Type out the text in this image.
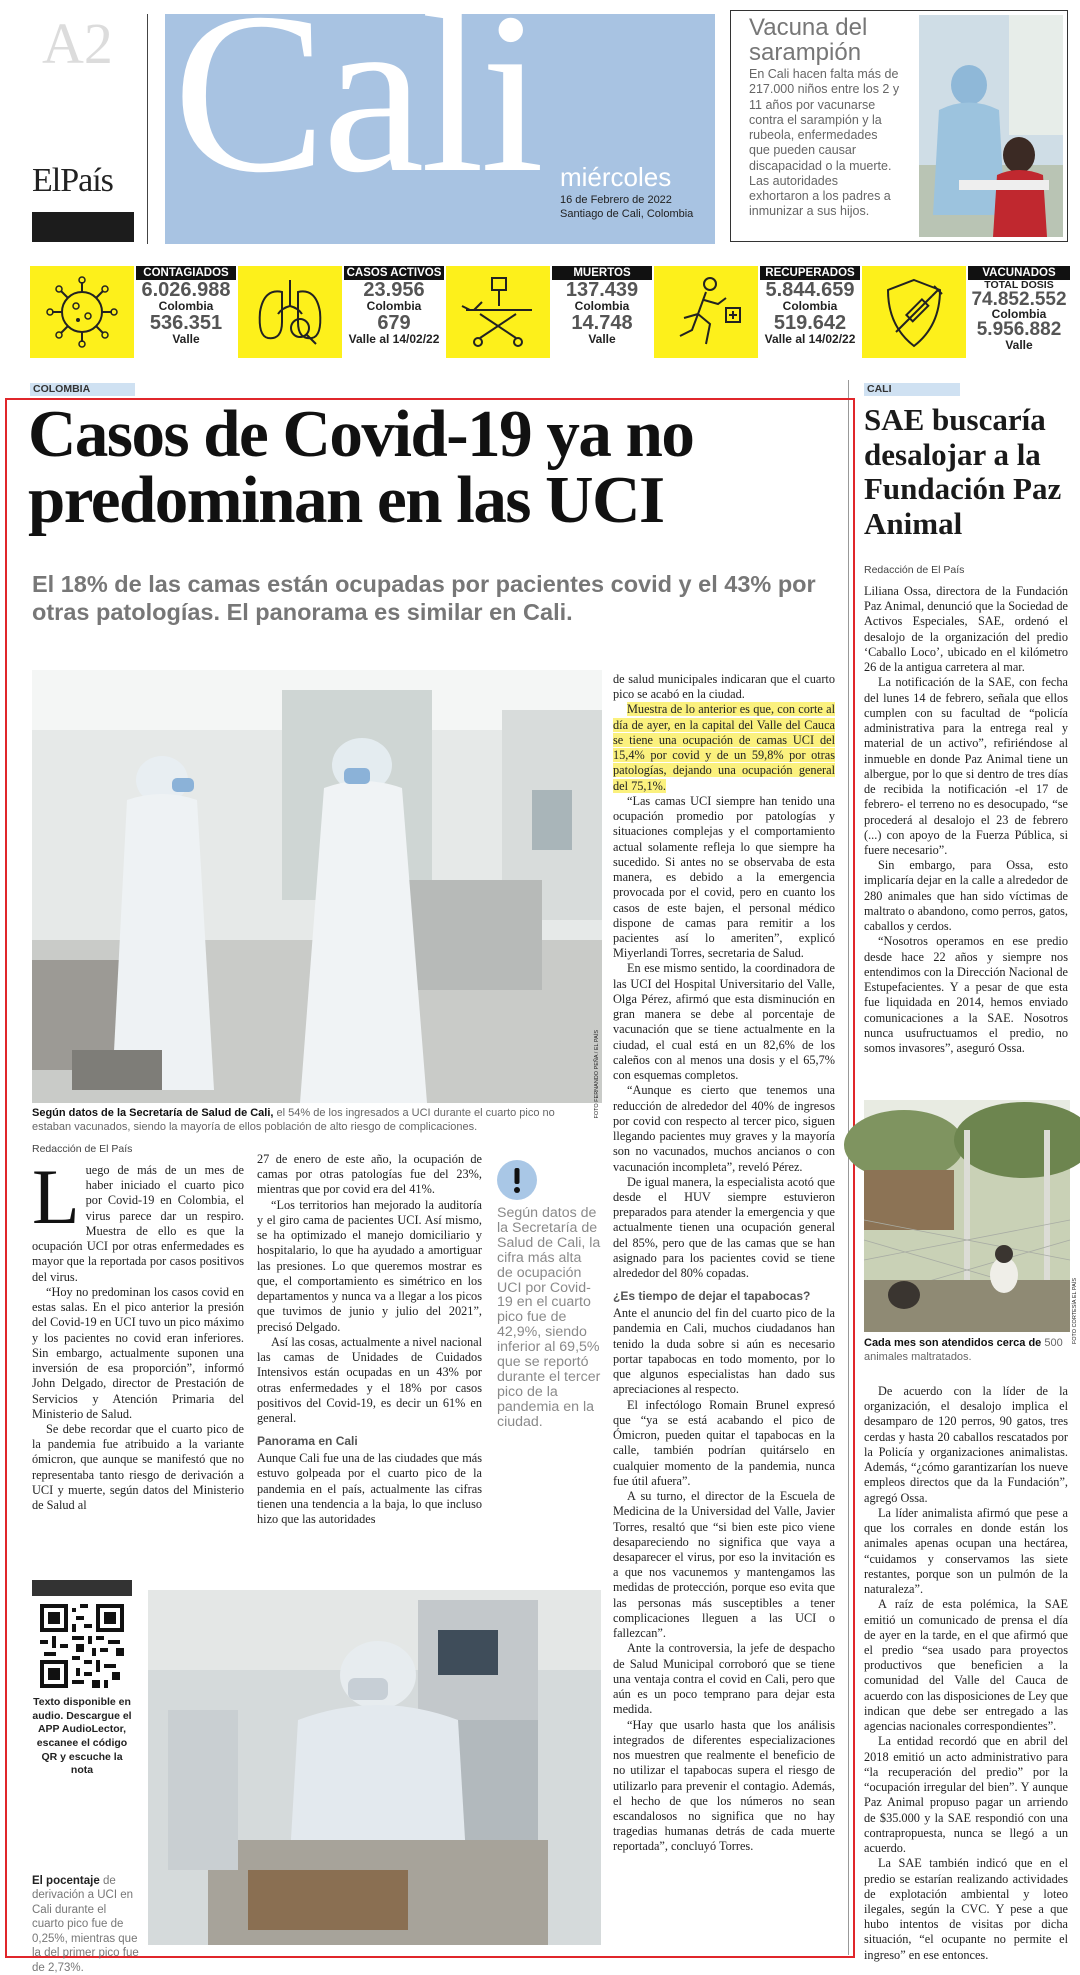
A2
ElPaís Cali miércoles
16 de Febrero de 2022
Santiago de Cali, Colombia
Vacuna del sarampión
En Cali hacen falta más de 217.000 niños entre los 2 y 11 años por vacunarse contra el sarampión y la rubeola, enfermedades que pueden causar discapacidad o la muerte. Las autoridades exhortaron a los padres a inmunizar a sus hijos.
CONTAGIADOS
6.026.988
Colombia
536.351
Valle
CASOS ACTIVOS
23.956
Colombia
679
Valle al 14/02/22
MUERTOS
137.439
Colombia
14.748
Valle
RECUPERADOS
5.844.659
Colombia
519.642
Valle al 14/02/22
VACUNADOS
TOTAL DOSIS
74.852.552
Colombia
5.956.882
Valle
COLOMBIA	CALI
Casos de Covid-19 ya no predominan en las UCI
El 18% de las camas están ocupadas por pacientes covid y el 43% por otras patologías. El panorama es similar en Cali.
FOTO FERNANDO PEÑA / EL PAÍS
Según datos de la Secretaría de Salud de Cali, el 54% de los ingresados a UCI durante el cuarto pico no estaban vacunados, siendo la mayoría de ellos población de alto riesgo de complicaciones.
Redacción de El País

Luego de más de un mes de haber iniciado el cuarto pico por Covid-19 en Colombia, el virus parece dar un respiro. Muestra de ello es que la ocupación UCI por otras enfermedades es mayor que la reportada por casos positivos del virus.

“Hoy no predominan los casos covid en estas salas. En el pico anterior la presión del Covid-19 en UCI tuvo un pico máximo y los pacientes no covid eran inferiores. Sin embargo, actualmente suponen una inversión de esa proporción”, informó John Delgado, director de Prestación de Servicios y Atención Primaria del Ministerio de Salud.

Se debe recordar que el cuarto pico de la pandemia fue atribuido a la variante ómicron, que aunque se manifestó que no representaba tanto riesgo de derivación a UCI y muerte, según datos del Ministerio de Salud al

27 de enero de este año, la ocupación de camas por otras patologías fue del 23%, mientras que por covid era del 41%.

“Los territorios han mejorado la auditoría y el giro cama de pacientes UCI. Así mismo, se ha optimizado el manejo domiciliario y hospitalario, lo que ha ayudado a amortiguar las presiones. Lo que queremos mostrar es que, el comportamiento es simétrico en los departamentos y nunca va a llegar a los picos que tuvimos de junio y julio del 2021”, precisó Delgado.

Así las cosas, actualmente a nivel nacional las camas de Unidades de Cuidados Intensivos están ocupadas en un 43% por otras enfermedades y el 18% por casos positivos del Covid-19, es decir un 61% en general.

Panorama en Cali

Aunque Cali fue una de las ciudades que más estuvo golpeada por el cuarto pico de la pandemia en el país, actualmente las cifras tienen una tendencia a la baja, lo que incluso hizo que las autoridades

Según datos de la Secretaría de Salud de Cali, la cifra más alta de ocupación UCI por Covid-19 en el cuarto pico fue de 42,9%, siendo inferior al 69,5% que se reportó durante el tercer pico de la pandemia en la ciudad.

de salud municipales indicaran que el cuarto pico se acabó en la ciudad.

Muestra de lo anterior es que, con corte al día de ayer, en la capital del Valle del Cauca se tiene una ocupación de camas UCI del 15,4% por covid y de un 59,8% por otras patologías, dejando una ocupación general del 75,1%.

“Las camas UCI siempre han tenido una ocupación promedio por patologías y situaciones complejas y el comportamiento actual solamente refleja lo que siempre ha sucedido. Si antes no se observaba de esta manera, es debido a la emergencia provocada por el covid, pero en cuanto los casos de este bajen, el personal médico dispone de camas para remitir a los pacientes así lo ameriten”, explicó Miyerlandi Torres, secretaria de Salud.

En ese mismo sentido, la coordinadora de las UCI del Hospital Universitario del Valle, Olga Pérez, afirmó que esta disminución en gran manera se debe al porcentaje de vacunación que se tiene actualmente en la ciudad, el cual está en un 82,6% de los caleños con al menos una dosis y el 65,7% con esquemas completos.

“Aunque es cierto que tenemos una reducción de alrededor del 40% de ingresos por covid con respecto al tercer pico, siguen llegando pacientes muy graves y la mayoría son no vacunados, muchos ancianos o con vacunación incompleta”, reveló Pérez.

De igual manera, la especialista acotó que desde el HUV siempre estuvieron preparados para atender la emergencia y que actualmente tienen una ocupación general del 85%, pero que de las camas que se han asignado para los pacientes covid se tiene alrededor del 80% copadas.

¿Es tiempo de dejar el tapabocas?

Ante el anuncio del fin del cuarto pico de la pandemia en Cali, muchos ciudadanos han tenido la duda sobre si aún es necesario portar tapabocas en todo momento, por lo que algunos especialistas han dado sus apreciaciones al respecto.

El infectólogo Romain Brunel expresó que “ya se está acabando el pico de Ómicron, pueden quitar el tapabocas en la calle, también podrían quitárselo en cualquier momento de la pandemia, nunca fue útil afuera”.

A su turno, el director de la Escuela de Medicina de la Universidad del Valle, Javier Torres, resaltó que “si bien este pico viene desapareciendo no significa que vaya a desaparecer el virus, por eso la invitación es a que nos vacunemos y mantengamos las medidas de protección, porque eso evita que las personas más susceptibles a tener complicaciones lleguen a las UCI o fallezcan”.

Ante la controversia, la jefe de despacho de Salud Municipal corroboró que se tiene una ventaja contra el covid en Cali, pero que aún es un poco temprano para dejar esta medida.

“Hay que usarlo hasta que los análisis integrados de diferentes especializaciones nos muestren que realmente el beneficio de no utilizar el tapabocas supera el riesgo de utilizarlo para prevenir el contagio. Además, el hecho de que los números no sean escandalosos no significa que no hay tragedias humanas detrás de cada muerte reportada”, concluyó Torres.

Texto disponible en audio. Descargue el APP AudioLector, escanee el código QR y escuche la nota
El pocentaje de derivación a UCI en Cali durante el cuarto pico fue de 0,25%, mientras que la del primer pico fue de 2,73%.
SAE buscaría desalojar a la Fundación Paz Animal
Redacción de El País

Liliana Ossa, directora de la Fundación Paz Animal, denunció que la Sociedad de Activos Especiales, SAE, ordenó el desalojo de la organización del predio ‘Caballo Loco’, ubicado en el kilómetro 26 de la antigua carretera al mar.

La notificación de la SAE, con fecha del lunes 14 de febrero, señala que ellos cumplen con su facultad de “policía administrativa para la entrega real y material de un activo”, refiriéndose al inmueble en donde Paz Animal tiene un albergue, por lo que si dentro de tres días de recibida la notificación -el 17 de febrero- el terreno no es desocupado, “se procederá al desalojo el 23 de febrero (...) con apoyo de la Fuerza Pública, si fuere necesario”.

Sin embargo, para Ossa, esto implicaría dejar en la calle a alrededor de 280 animales que han sido víctimas de maltrato o abandono, como perros, gatos, caballos y cerdos.

“Nosotros operamos en ese predio desde hace 22 años y siempre nos entendimos con la Dirección Nacional de Estupefacientes. Y a pesar de que esta fue liquidada en 2014, hemos enviado comunicaciones a la SAE. Nosotros nunca usufructuamos el predio, no somos invasores”, aseguró Ossa.

FOTO CORTESÍA EL PAÍS
Cada mes son atendidos cerca de 500 animales maltratados.

De acuerdo con la líder de la organización, el desalojo implica el desamparo de 120 perros, 90 gatos, tres cerdas y hasta 20 caballos rescatados por la Policía y organizaciones animalistas. Además, “¿cómo garantizarían los nueve empleos directos que da la Fundación”, agregó Ossa.

La líder animalista afirmó que pese a que los corrales en donde están los animales apenas ocupan una hectárea, “cuidamos y conservamos las siete restantes, porque son un pulmón de la naturaleza”.

A raíz de esta polémica, la SAE emitió un comunicado de prensa el día de ayer en la tarde, en el que afirmó que el predio “sea usado para proyectos productivos que beneficien a la comunidad del Valle del Cauca de acuerdo con las disposiciones de Ley que indican que debe ser entregado a las agencias nacionales correspondientes”.

La entidad recordó que en abril del 2018 emitió un acto administrativo para “la recuperación del predio” por la “ocupación irregular del bien”. Y aunque Paz Animal propuso pagar un arriendo de $35.000 y la SAE respondió con una contrapropuesta, nunca se llegó a un acuerdo.

La SAE también indicó que en el predio se estarían realizando actividades de explotación ambiental y loteo ilegales, según la CVC. Y pese a que hubo intentos de visitas por dicha situación, “el ocupante no permite el ingreso” en ese entonces.
